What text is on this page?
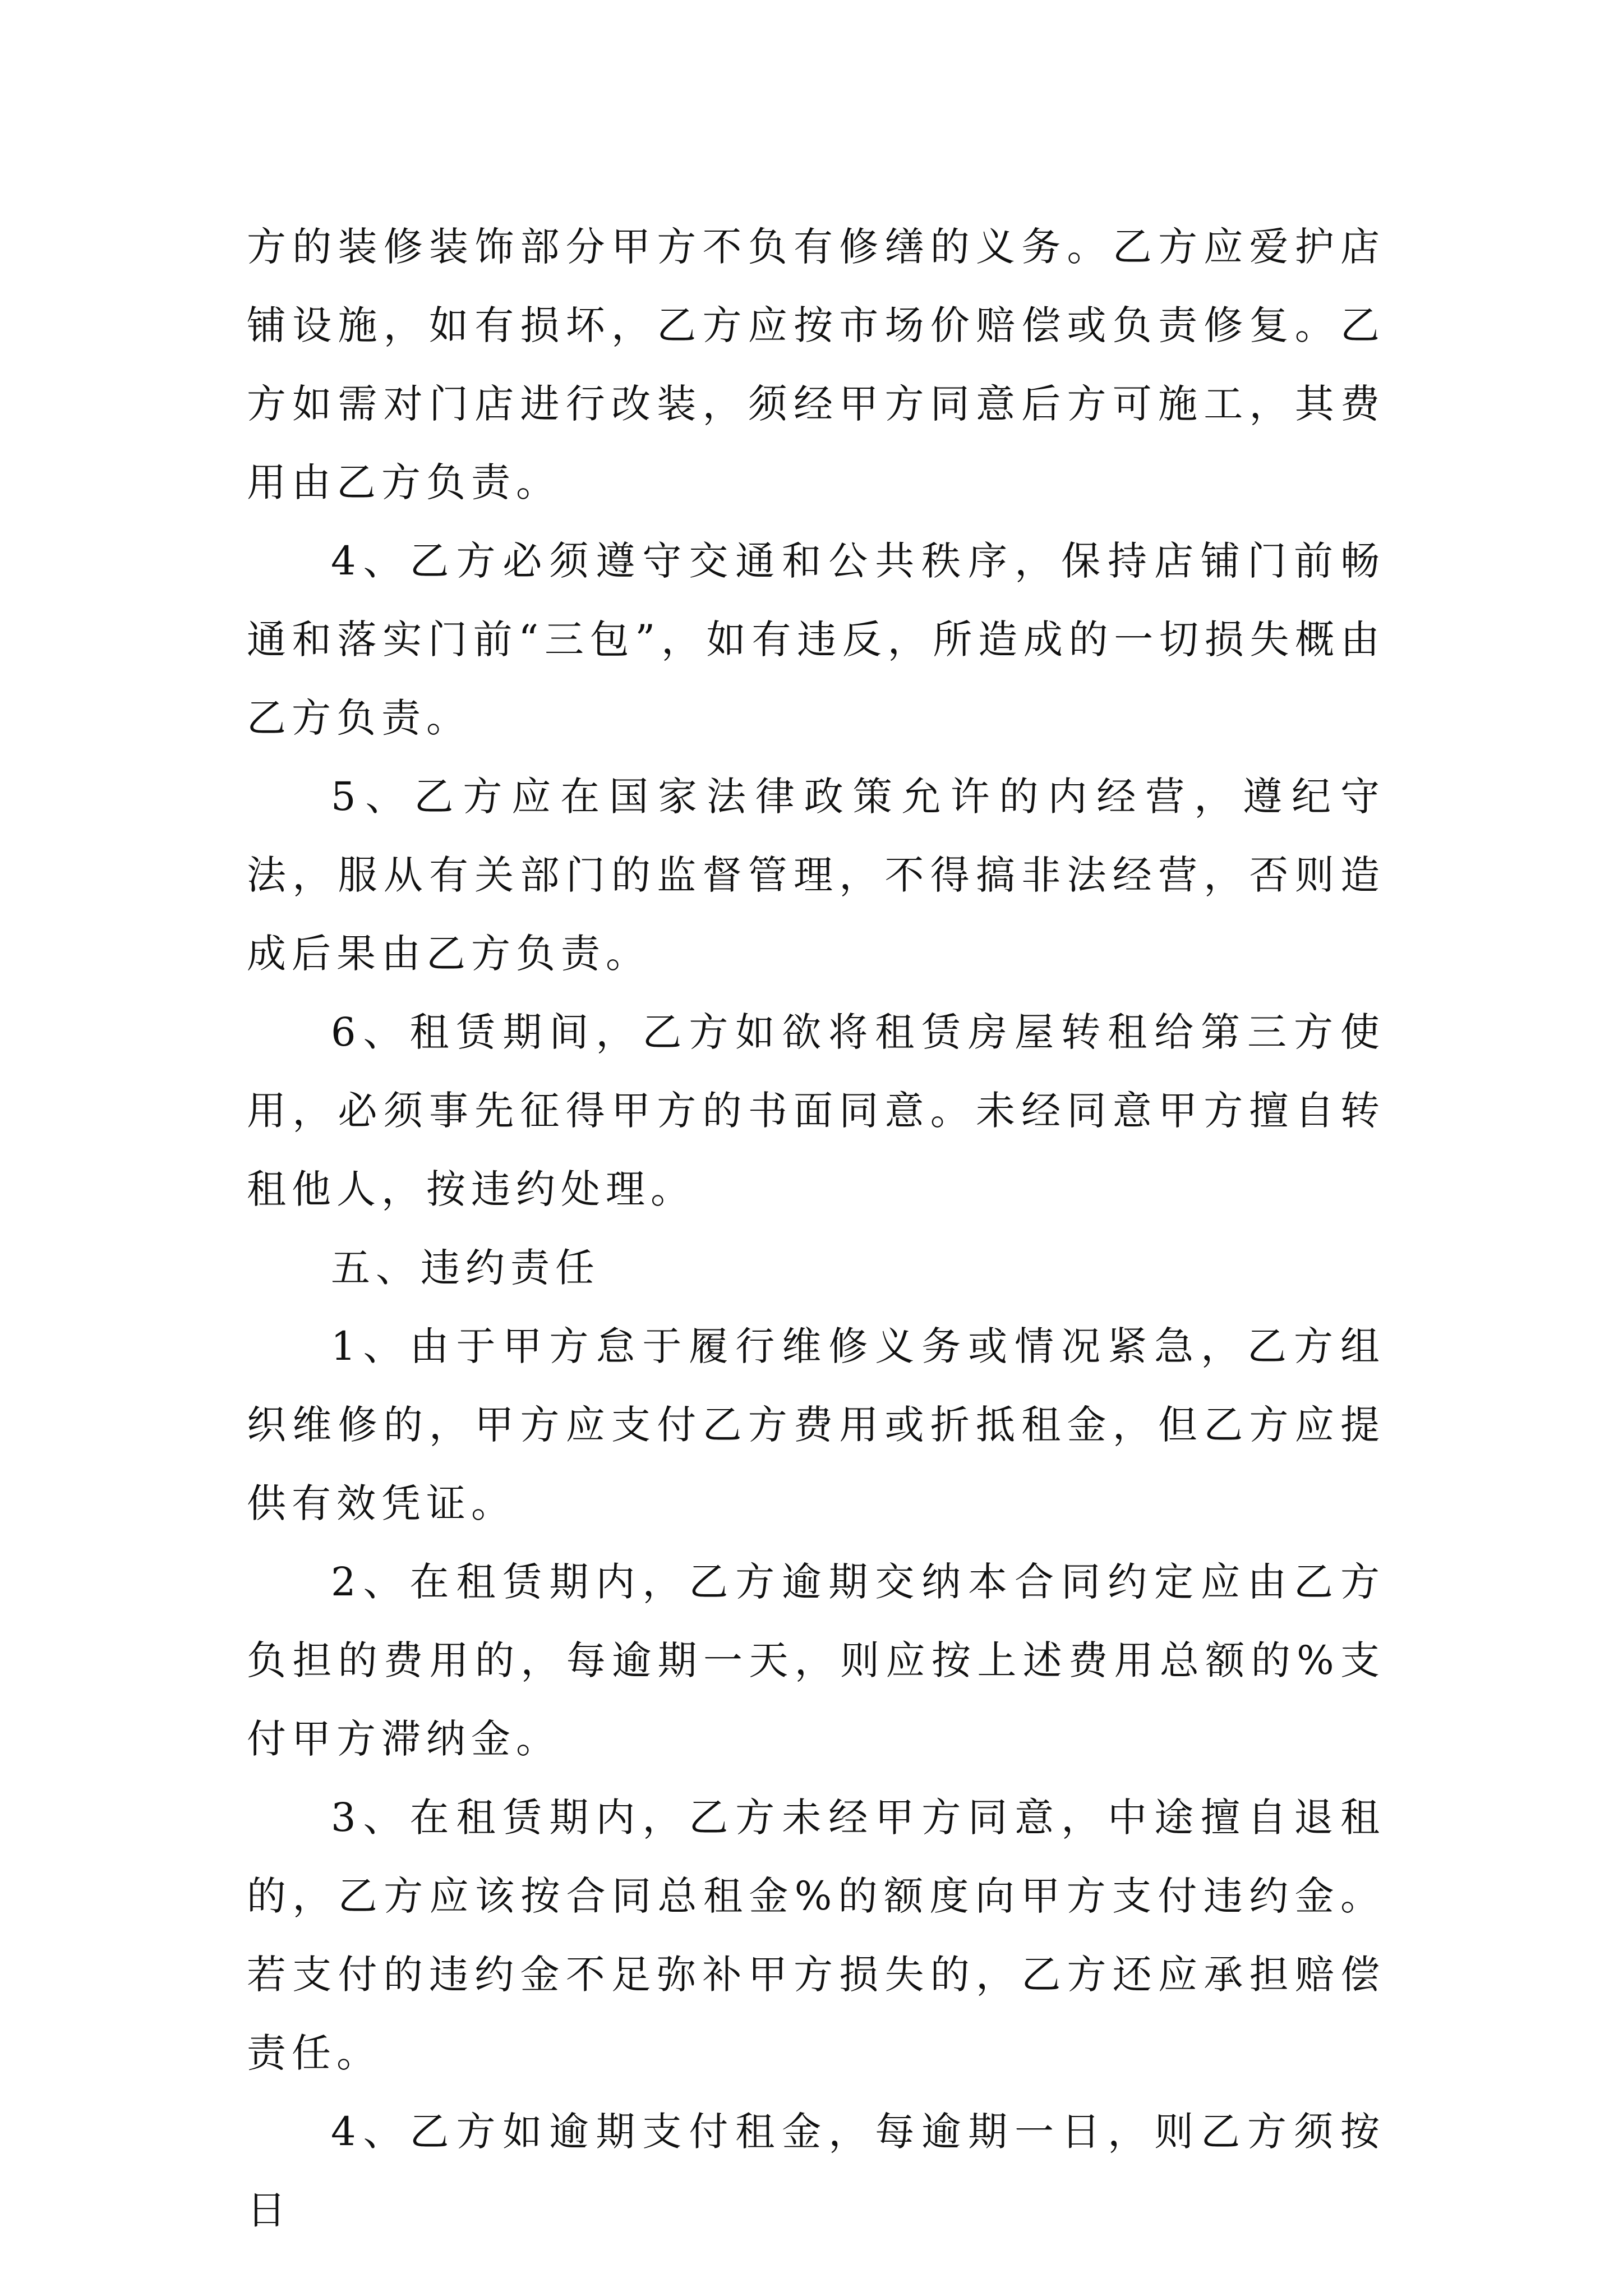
方的装修装饰部分甲方不负有修缮的义务。乙方应爱护店铺设施，如有损坏，乙方应按市场价赔偿或负责修复。乙方如需对门店进行改装，须经甲方同意后方可施工，其费用由乙方负责。

4、乙方必须遵守交通和公共秩序，保持店铺门前畅通和落实门前“三包”，如有违反，所造成的一切损失概由乙方负责。

5、乙方应在国家法律政策允许的内经营，遵纪守法，服从有关部门的监督管理，不得搞非法经营，否则造成后果由乙方负责。

6、租赁期间，乙方如欲将租赁房屋转租给第三方使用，必须事先征得甲方的书面同意。未经同意甲方擅自转租他人，按违约处理。

五、违约责任

1、由于甲方怠于履行维修义务或情况紧急，乙方组织维修的，甲方应支付乙方费用或折抵租金，但乙方应提供有效凭证。

2、在租赁期内，乙方逾期交纳本合同约定应由乙方负担的费用的，每逾期一天，则应按上述费用总额的%支付甲方滞纳金。

3、在租赁期内，乙方未经甲方同意，中途擅自退租的，乙方应该按合同总租金%的额度向甲方支付违约金。若支付的违约金不足弥补甲方损失的，乙方还应承担赔偿责任。

4、乙方如逾期支付租金，每逾期一日，则乙方须按日
